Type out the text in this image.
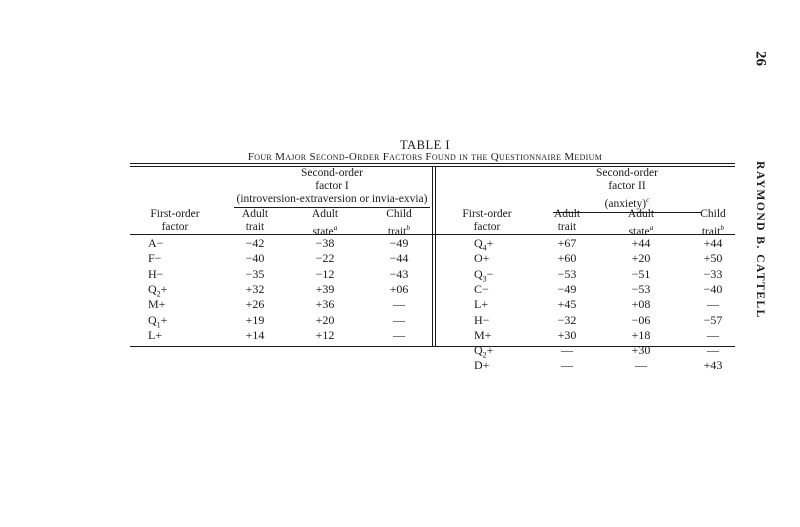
26
RAYMOND B. CATTELL
TABLE I
Four Major Second-Order Factors Found in the Questionnaire Medium
Second-order
factor I
(introversion-extraversion or invia-exvia)
Second-order
factor II
(anxiety)$^c$
First-order
factor
Adult
trait
Adult
state$^a$
Child
trait$^b$
First-order
factor
Adult
trait
Adult
state$^a$
Child
trait$^b$
A−	−42	−38	−49
F−	−40	−22	−44
H−	−35	−12	−43
$Q_2+$	+32	+39	+06
M+	+26	+36	—
$Q_1+$	+19	+20	—
L+	+14	+12	—
$Q_4+$	+67	+44	+44
O+	+60	+20	+50
$Q_3-$	−53	−51	−33
C−	−49	−53	−40
L+	+45	+08	—
H−	−32	−06	−57
M+	+30	+18	—
$Q_2+$	—	+30	—
D+	—	—	+43
